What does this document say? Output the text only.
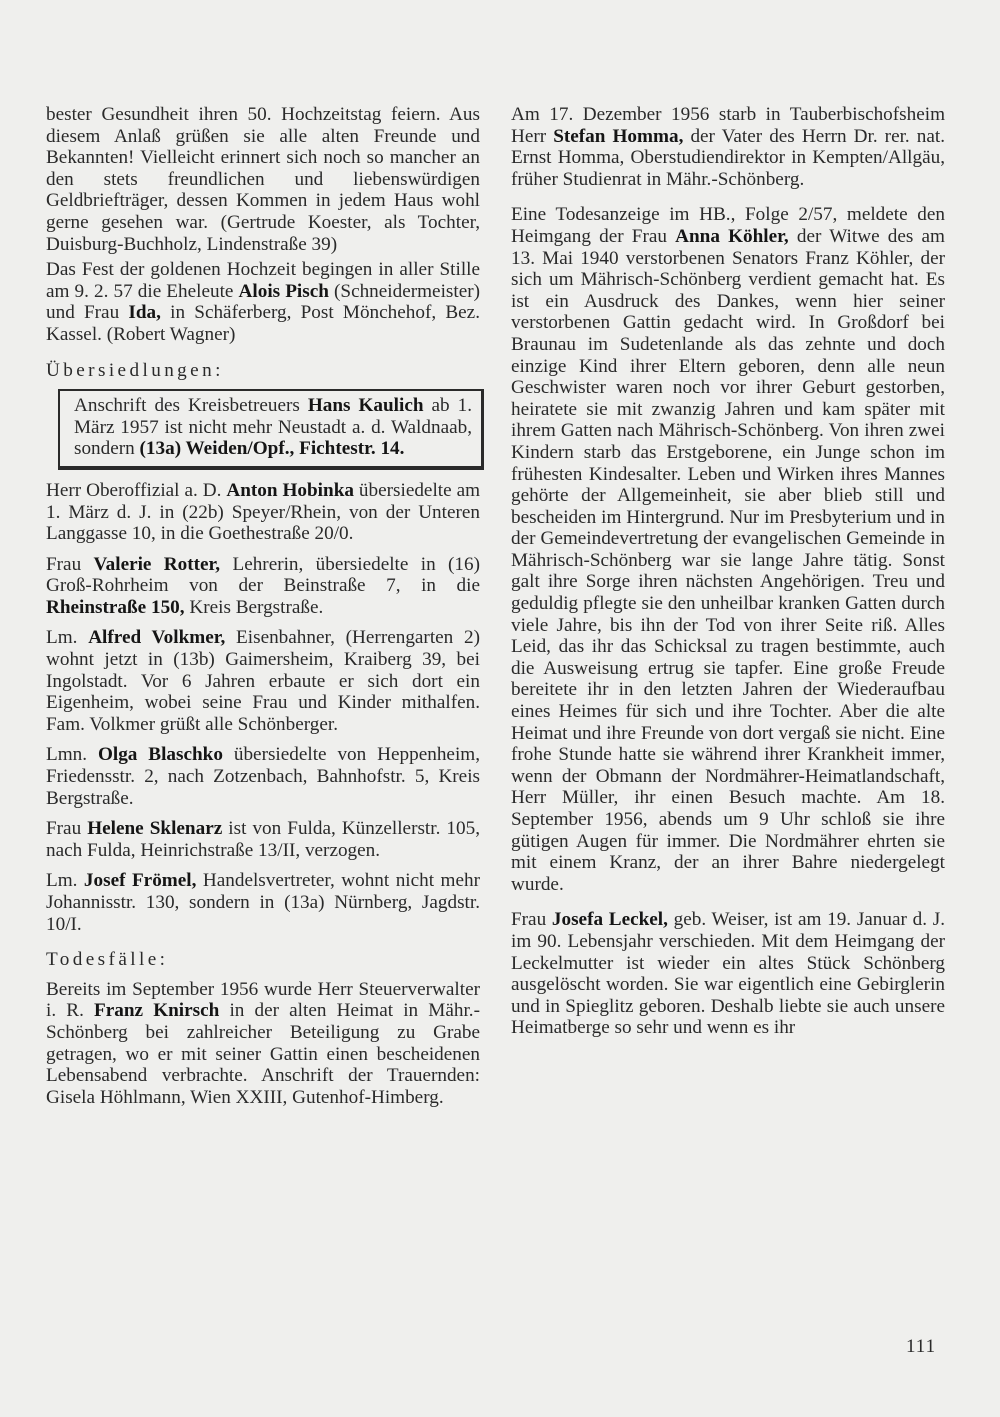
bester Gesundheit ihren 50. Hochzeitstag feiern. Aus diesem Anlaß grüßen sie alle alten Freunde und Bekannten! Vielleicht erinnert sich noch so mancher an den stets freundlichen und liebenswürdigen Geldbriefträger, dessen Kommen in jedem Haus wohl gerne gesehen war. (Gertrude Koester, als Tochter, Duisburg-Buchholz, Lindenstraße 39)

Das Fest der goldenen Hochzeit begingen in aller Stille am 9. 2. 57 die Eheleute Alois Pisch (Schneidermeister) und Frau Ida, in Schäferberg, Post Mönchehof, Bez. Kassel. (Robert Wagner)

Übersiedlungen:
Anschrift des Kreisbetreuers Hans Kaulich ab 1. März 1957 ist nicht mehr Neustadt a. d. Waldnaab, sondern (13a) Weiden/Opf., Fichtestr. 14.

Herr Oberoffizial a. D. Anton Hobinka übersiedelte am 1. März d. J. in (22b) Speyer/Rhein, von der Unteren Langgasse 10, in die Goethestraße 20/0.

Frau Valerie Rotter, Lehrerin, übersiedelte in (16) Groß-Rohrheim von der Beinstraße 7, in die Rheinstraße 150, Kreis Bergstraße.

Lm. Alfred Volkmer, Eisenbahner, (Herrengarten 2) wohnt jetzt in (13b) Gaimersheim, Kraiberg 39, bei Ingolstadt. Vor 6 Jahren erbaute er sich dort ein Eigenheim, wobei seine Frau und Kinder mithalfen. Fam. Volkmer grüßt alle Schönberger.

Lmn. Olga Blaschko übersiedelte von Heppenheim, Friedensstr. 2, nach Zotzenbach, Bahnhofstr. 5, Kreis Bergstraße.

Frau Helene Sklenarz ist von Fulda, Künzellerstr. 105, nach Fulda, Heinrichstraße 13/II, verzogen.

Lm. Josef Frömel, Handelsvertreter, wohnt nicht mehr Johannisstr. 130, sondern in (13a) Nürnberg, Jagdstr. 10/I.

Todesfälle:

Bereits im September 1956 wurde Herr Steuerverwalter i. R. Franz Knirsch in der alten Heimat in Mähr.-Schönberg bei zahlreicher Beteiligung zu Grabe getragen, wo er mit seiner Gattin einen bescheidenen Lebensabend verbrachte. Anschrift der Trauernden: Gisela Höhlmann, Wien XXIII, Gutenhof-Himberg.

Am 17. Dezember 1956 starb in Tauberbischofsheim Herr Stefan Homma, der Vater des Herrn Dr. rer. nat. Ernst Homma, Oberstudiendirektor in Kempten/Allgäu, früher Studienrat in Mähr.-Schönberg.

Eine Todesanzeige im HB., Folge 2/57, meldete den Heimgang der Frau Anna Köhler, der Witwe des am 13. Mai 1940 verstorbenen Senators Franz Köhler, der sich um Mährisch-Schönberg verdient gemacht hat. Es ist ein Ausdruck des Dankes, wenn hier seiner verstorbenen Gattin gedacht wird. In Großdorf bei Braunau im Sudetenlande als das zehnte und doch einzige Kind ihrer Eltern geboren, denn alle neun Geschwister waren noch vor ihrer Geburt gestorben, heiratete sie mit zwanzig Jahren und kam später mit ihrem Gatten nach Mährisch-Schönberg. Von ihren zwei Kindern starb das Erstgeborene, ein Junge schon im frühesten Kindesalter. Leben und Wirken ihres Mannes gehörte der Allgemeinheit, sie aber blieb still und bescheiden im Hintergrund. Nur im Presbyterium und in der Gemeindevertretung der evangelischen Gemeinde in Mährisch-Schönberg war sie lange Jahre tätig. Sonst galt ihre Sorge ihren nächsten Angehörigen. Treu und geduldig pflegte sie den unheilbar kranken Gatten durch viele Jahre, bis ihn der Tod von ihrer Seite riß. Alles Leid, das ihr das Schicksal zu tragen bestimmte, auch die Ausweisung ertrug sie tapfer. Eine große Freude bereitete ihr in den letzten Jahren der Wiederaufbau eines Heimes für sich und ihre Tochter. Aber die alte Heimat und ihre Freunde von dort vergaß sie nicht. Eine frohe Stunde hatte sie während ihrer Krankheit immer, wenn der Obmann der Nordmährer-Heimatlandschaft, Herr Müller, ihr einen Besuch machte. Am 18. September 1956, abends um 9 Uhr schloß sie ihre gütigen Augen für immer. Die Nordmährer ehrten sie mit einem Kranz, der an ihrer Bahre niedergelegt wurde.

Frau Josefa Leckel, geb. Weiser, ist am 19. Januar d. J. im 90. Lebensjahr verschieden. Mit dem Heimgang der Leckelmutter ist wieder ein altes Stück Schönberg ausgelöscht worden. Sie war eigentlich eine Gebirglerin und in Spieglitz geboren. Deshalb liebte sie auch unsere Heimatberge so sehr und wenn es ihr

111
